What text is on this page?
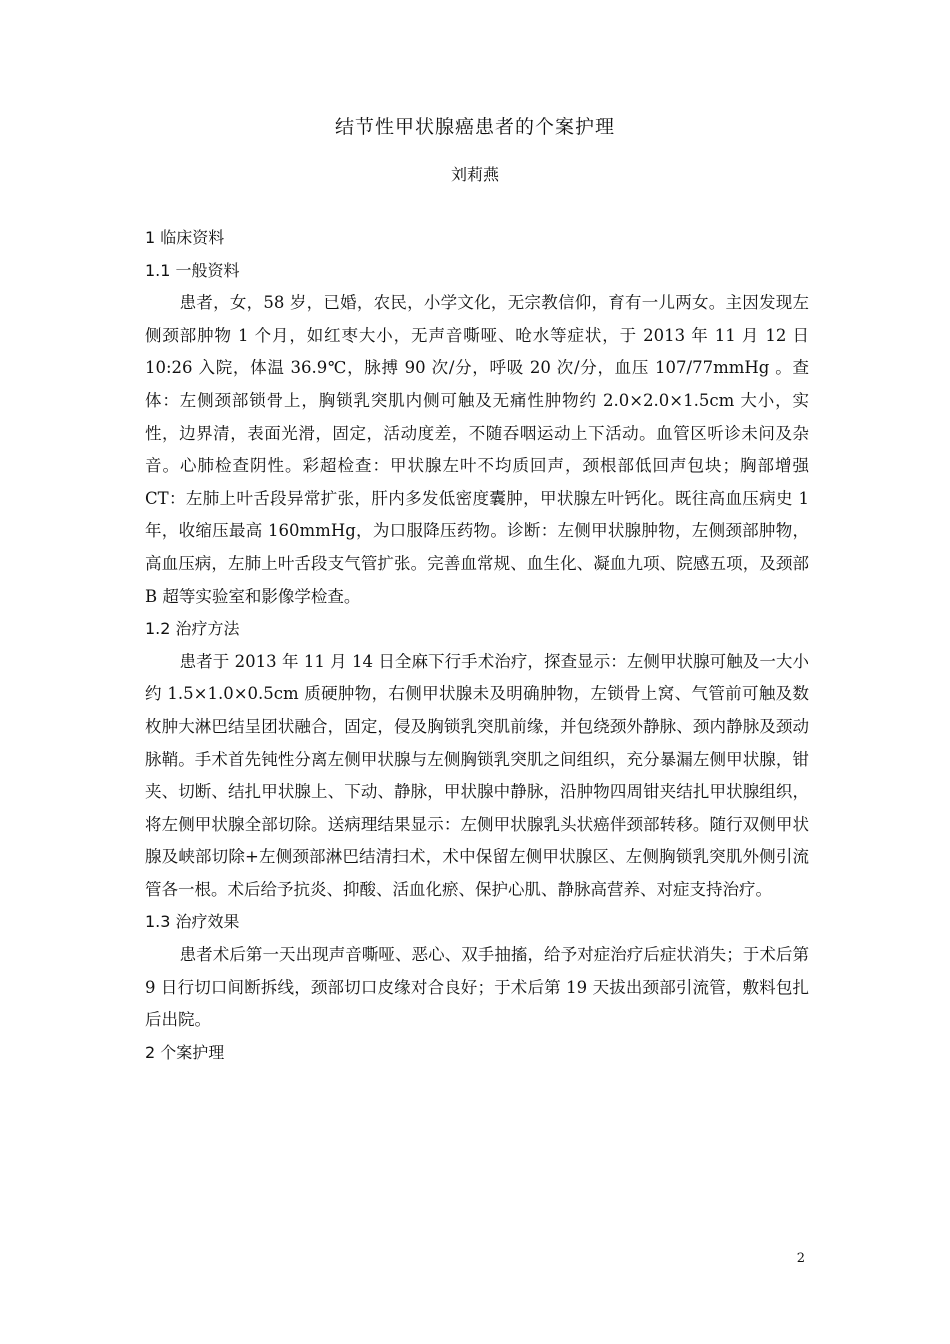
结节性甲状腺癌患者的个案护理
刘莉燕
1 临床资料
1.1 一般资料

患者，女，58 岁，已婚，农民，小学文化，无宗教信仰，育有一儿两女。主因发现左侧颈部肿物 1 个月，如红枣大小，无声音嘶哑、呛水等症状，于 2013 年 11 月 12 日 10:26 入院，体温 36.9℃，脉搏 90 次/分，呼吸 20 次/分，血压 107/77mmHg 。查体：左侧颈部锁骨上，胸锁乳突肌内侧可触及无痛性肿物约 2.0×2.0×1.5cm 大小，实性，边界清，表面光滑，固定，活动度差，不随吞咽运动上下活动。血管区听诊未问及杂音。心肺检查阴性。彩超检查：甲状腺左叶不均质回声，颈根部低回声包块；胸部增强 CT：左肺上叶舌段异常扩张，肝内多发低密度囊肿，甲状腺左叶钙化。既往高血压病史 1 年，收缩压最高 160mmHg，为口服降压药物。诊断：左侧甲状腺肿物，左侧颈部肿物，高血压病，左肺上叶舌段支气管扩张。完善血常规、血生化、凝血九项、院感五项，及颈部 B 超等实验室和影像学检查。

1.2 治疗方法

患者于 2013 年 11 月 14 日全麻下行手术治疗，探查显示：左侧甲状腺可触及一大小约 1.5×1.0×0.5cm 质硬肿物，右侧甲状腺未及明确肿物，左锁骨上窝、气管前可触及数枚肿大淋巴结呈团状融合，固定，侵及胸锁乳突肌前缘，并包绕颈外静脉、颈内静脉及颈动脉鞘。手术首先钝性分离左侧甲状腺与左侧胸锁乳突肌之间组织，充分暴漏左侧甲状腺，钳夹、切断、结扎甲状腺上、下动、静脉，甲状腺中静脉，沿肿物四周钳夹结扎甲状腺组织，将左侧甲状腺全部切除。送病理结果显示：左侧甲状腺乳头状癌伴颈部转移。随行双侧甲状腺及峡部切除+左侧颈部淋巴结清扫术，术中保留左侧甲状腺区、左侧胸锁乳突肌外侧引流管各一根。术后给予抗炎、抑酸、活血化瘀、保护心肌、静脉高营养、对症支持治疗。

1.3 治疗效果

患者术后第一天出现声音嘶哑、恶心、双手抽搐，给予对症治疗后症状消失；于术后第 9 日行切口间断拆线，颈部切口皮缘对合良好；于术后第 19 天拔出颈部引流管，敷料包扎后出院。

2 个案护理
2
